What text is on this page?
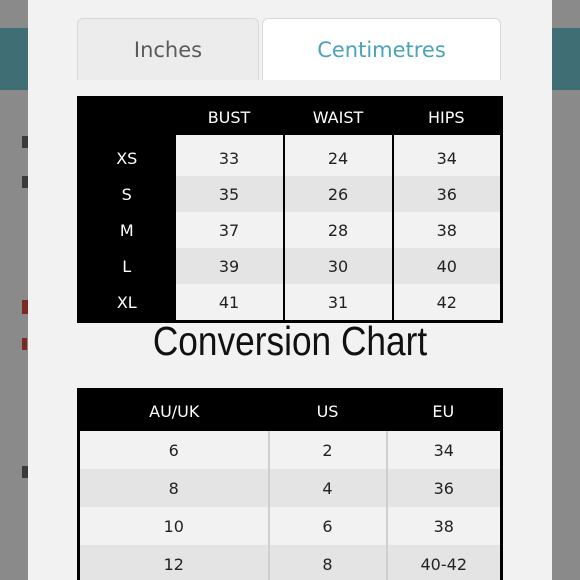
Inches	Centimetres
	BUST	WAIST	HIPS
XS	33	24	34
S	35	26	36
M	37	28	38
L	39	30	40
XL	41	31	42
Conversion Chart
AU/UK	US	EU
6	2	34
8	4	36
10	6	38
12	8	40-42
